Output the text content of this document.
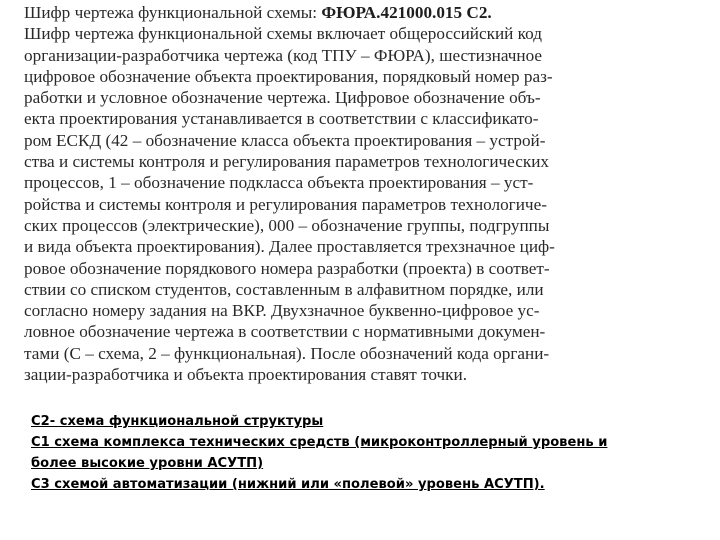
Шифр чертежа функциональной схемы: ФЮРА.421000.015 С2.
Шифр чертежа функциональной схемы включает общероссийский код
организации-разработчика чертежа (код ТПУ – ФЮРА), шестизначное
цифровое обозначение объекта проектирования, порядковый номер раз-
работки и условное обозначение чертежа. Цифровое обозначение объ-
екта проектирования устанавливается в соответствии с классификато-
ром ЕСКД (42 – обозначение класса объекта проектирования – устрой-
ства и системы контроля и регулирования параметров технологических
процессов, 1 – обозначение подкласса объекта проектирования – уст-
ройства и системы контроля и регулирования параметров технологиче-
ских процессов (электрические), 000 – обозначение группы, подгруппы
и вида объекта проектирования). Далее проставляется трехзначное циф-
ровое обозначение порядкового номера разработки (проекта) в соответ-
ствии со списком студентов, составленным в алфавитном порядке, или
согласно номеру задания на ВКР. Двухзначное буквенно-цифровое ус-
ловное обозначение чертежа в соответствии с нормативными докумен-
тами (С – схема, 2 – функциональная). После обозначений кода органи-
зации-разработчика и объекта проектирования ставят точки.
С2- схема функциональной структуры
С1 схема комплекса технических средств (микроконтроллерный уровень и
более высокие уровни АСУТП)
С3 схемой автоматизации (нижний или «полевой» уровень АСУТП).
